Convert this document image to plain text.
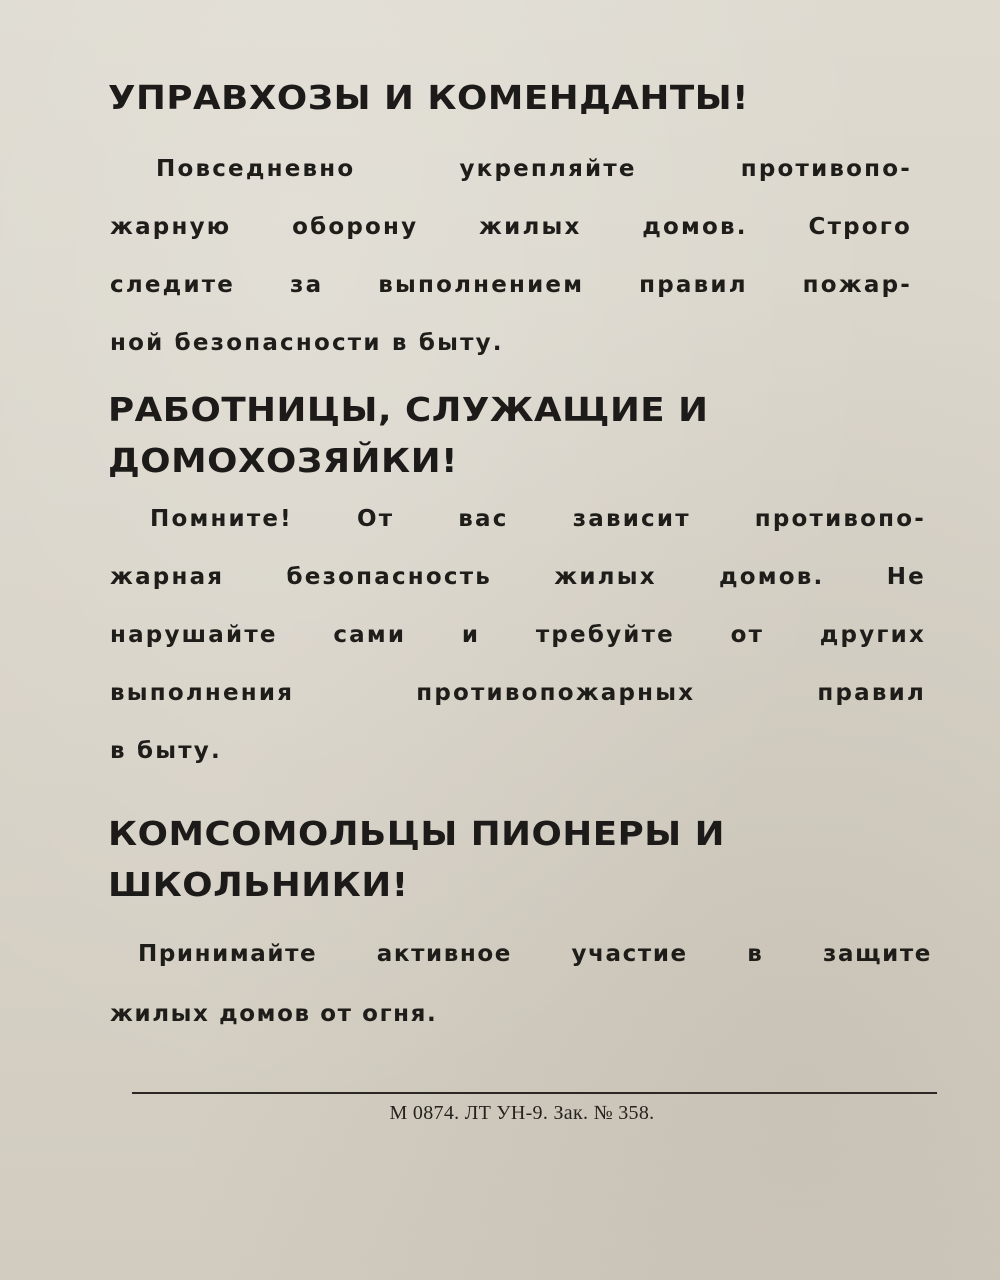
УПРАВХОЗЫ И КОМЕНДАНТЫ!
Повседневно укрепляйте противопо-
жарную оборону жилых домов. Строго
следите за выполнением правил пожар-
ной безопасности в быту.
РАБОТНИЦЫ, СЛУЖАЩИЕ И
ДОМОХОЗЯЙКИ!
Помните! От вас зависит противопо-
жарная безопасность жилых домов. Не
нарушайте сами и требуйте от других
выполнения противопожарных правил
в быту.
КОМСОМОЛЬЦЫ ПИОНЕРЫ И
ШКОЛЬНИКИ!
Принимайте активное участие в защите
жилых домов от огня.
М 0874. ЛТ УН-9. Зак. № 358.
